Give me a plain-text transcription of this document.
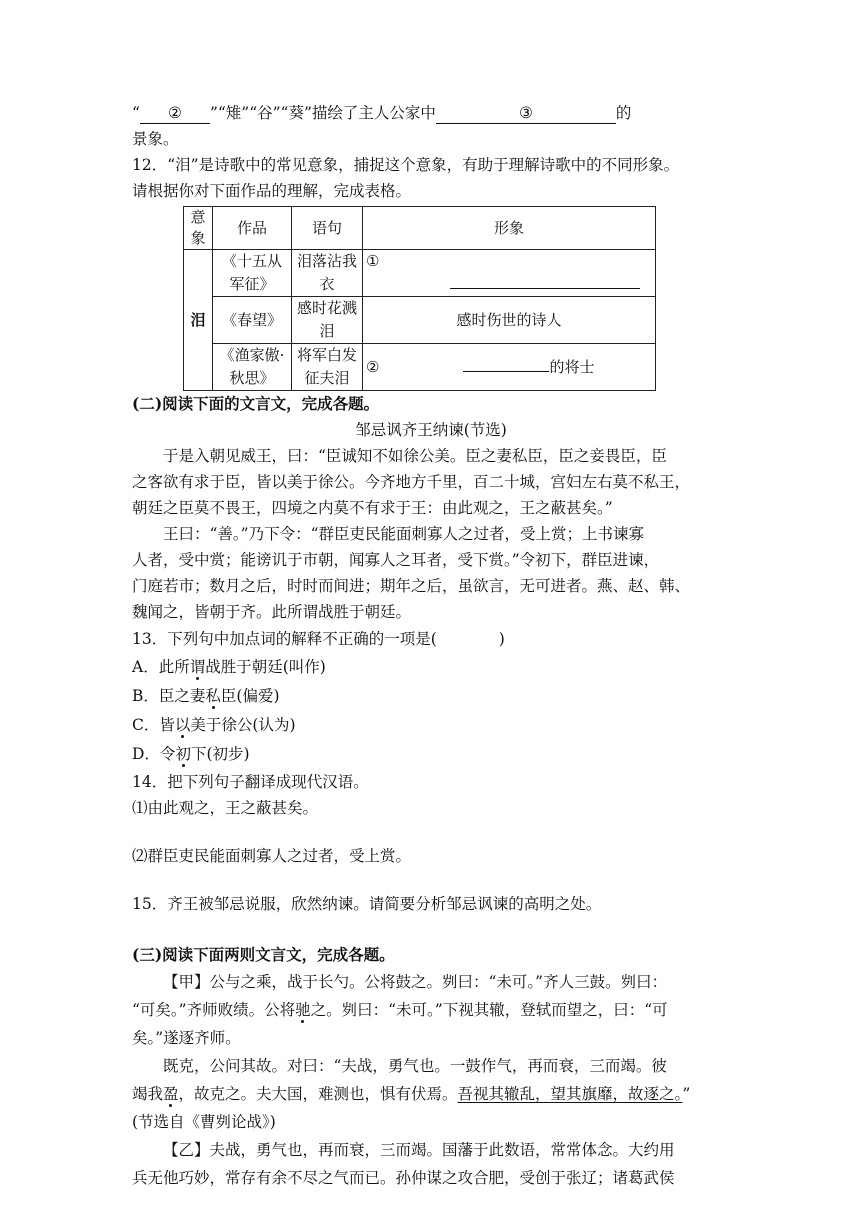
“ ② ”“雉”“谷”“葵”描绘了主人公家中	③	的
景象。
12．“泪”是诗歌中的常见意象，捕捉这个意象，有助于理解诗歌中的不同形象。
请根据你对下面作品的理解，完成表格。
意象	作品	语句	形象
泪	《十五从军征》	泪落沾我衣	①
	《春望》	感时花溅泪	感时伤世的诗人
	《渔家傲·秋思》	将军白发征夫泪	② 的将士
(二)阅读下面的文言文，完成各题。
邹忌讽齐王纳谏(节选)
于是入朝见威王，曰：“臣诚知不如徐公美。臣之妻私臣，臣之妾畏臣，臣
之客欲有求于臣，皆以美于徐公。今齐地方千里，百二十城，宫妇左右莫不私王，
朝廷之臣莫不畏王，四境之内莫不有求于王：由此观之，王之蔽甚矣。”
王曰：“善。”乃下令：“群臣吏民能面刺寡人之过者，受上赏；上书谏寡
人者，受中赏；能谤讥于市朝，闻寡人之耳者，受下赏。”令初下，群臣进谏，
门庭若市；数月之后，时时而间进；期年之后，虽欲言，无可进者。燕、赵、韩、
魏闻之，皆朝于齐。此所谓战胜于朝廷。
13．下列句中加点词的解释不正确的一项是(　　　　)
A．此所谓战胜于朝廷(叫作)
B．臣之妻私臣(偏爱)
C．皆以美于徐公(认为)
D．令初下(初步)
14．把下列句子翻译成现代汉语。
⑴由此观之，王之蔽甚矣。
⑵群臣吏民能面刺寡人之过者，受上赏。
15．齐王被邹忌说服，欣然纳谏。请简要分析邹忌讽谏的高明之处。
(三)阅读下面两则文言文，完成各题。
【甲】公与之乘，战于长勺。公将鼓之。刿曰：“未可。”齐人三鼓。刿曰：
“可矣。”齐师败绩。公将驰之。刿曰：“未可。”下视其辙，登轼而望之，曰：“可
矣。”遂逐齐师。
既克，公问其故。对曰：“夫战，勇气也。一鼓作气，再而衰，三而竭。彼
竭我盈，故克之。夫大国，难测也，惧有伏焉。吾视其辙乱，望其旗靡，故逐之。”
(节选自《曹刿论战》)
【乙】夫战，勇气也，再而衰，三而竭。国藩于此数语，常常体念。大约用
兵无他巧妙，常存有余不尽之气而已。孙仲谋之攻合肥，受创于张辽；诸葛武侯
